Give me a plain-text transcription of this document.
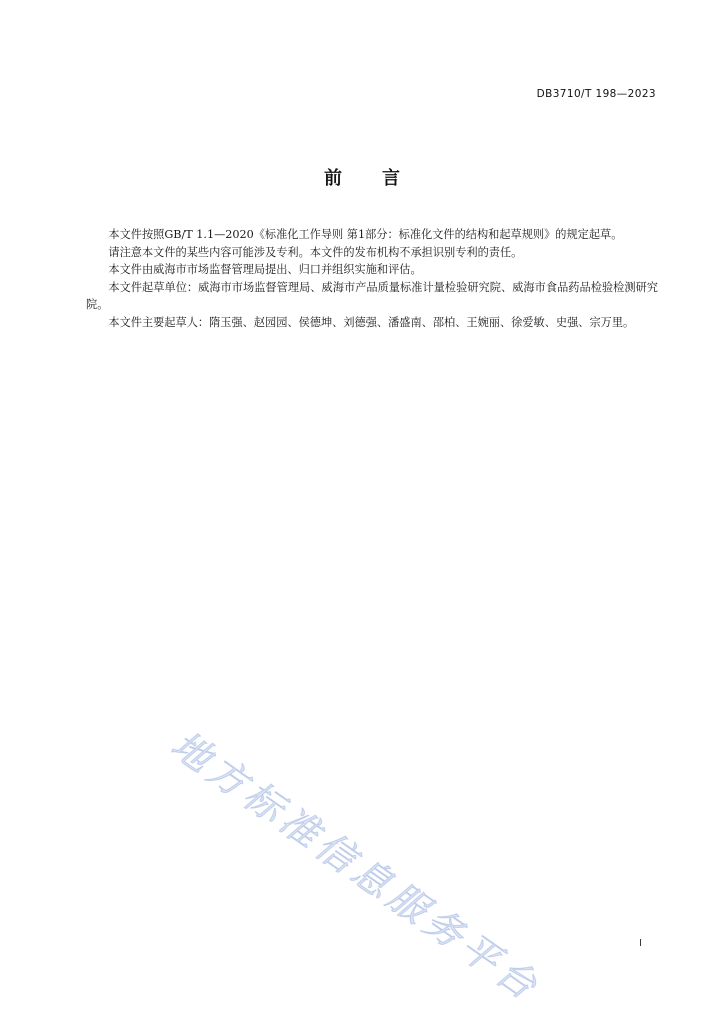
DB3710/T 198—2023
前言

本文件按照GB/T 1.1—2020《标准化工作导则 第1部分：标准化文件的结构和起草规则》的规定起草。

请注意本文件的某些内容可能涉及专利。本文件的发布机构不承担识别专利的责任。

本文件由威海市市场监督管理局提出、归口并组织实施和评估。

本文件起草单位：威海市市场监督管理局、威海市产品质量标准计量检验研究院、威海市食品药品检验检测研究院。

本文件主要起草人：隋玉强、赵园园、侯德坤、刘德强、潘盛南、邵柏、王婉丽、徐爱敏、史强、宗万里。

地方标准信息服务平台	I
